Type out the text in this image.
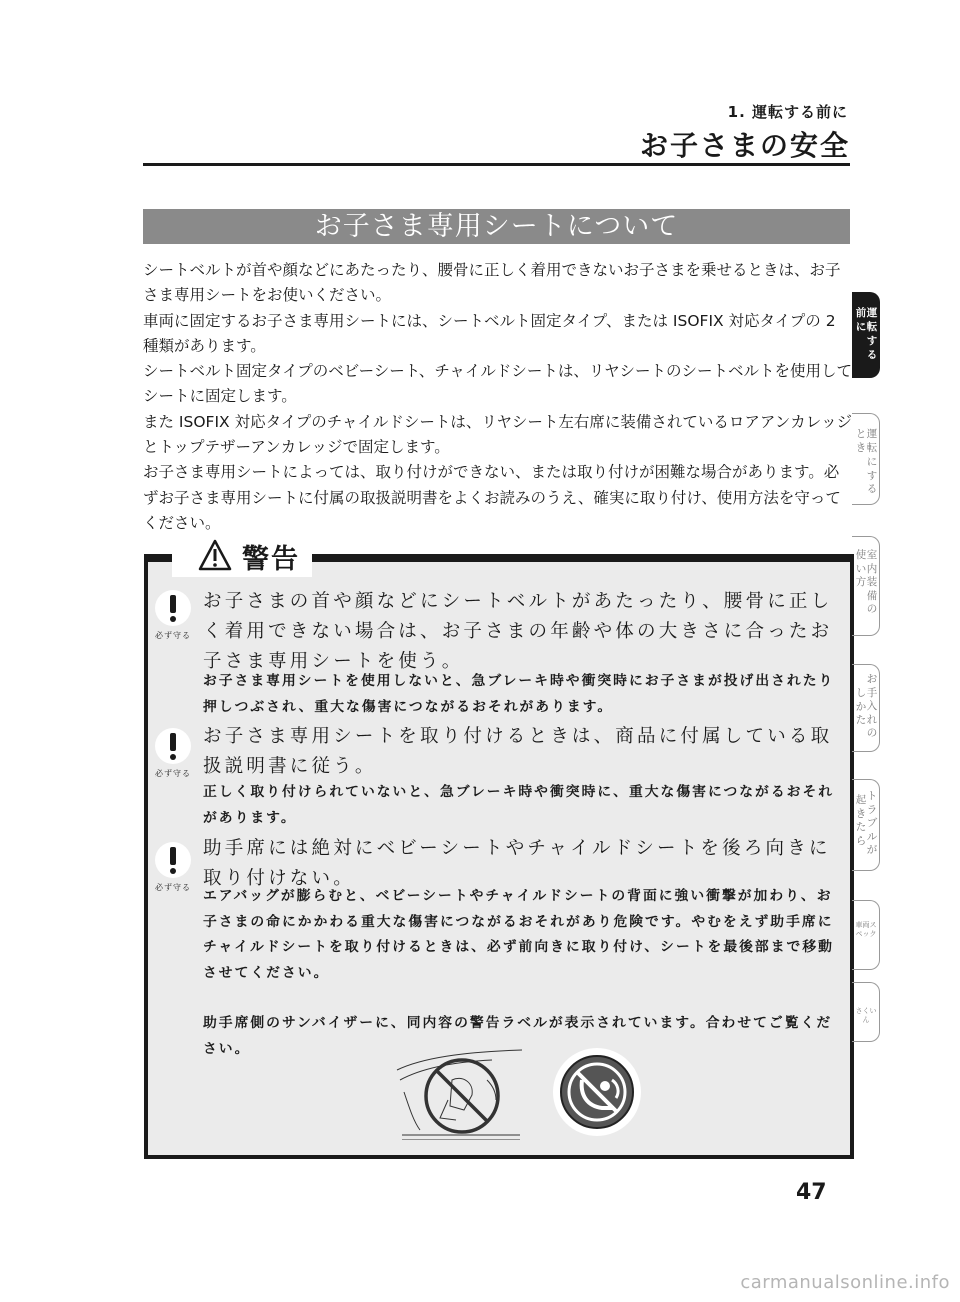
1. 運転する前に
お子さまの安全
お子さま専用シートについて

シートベルトが首や顔などにあたったり、腰骨に正しく着用できないお子さまを乗せるときは、お子さま専用シートをお使いください。

車両に固定するお子さま専用シートには、シートベルト固定タイプ、または ISOFIX 対応タイプの 2 種類があります。

シートベルト固定タイプのベビーシート、チャイルドシートは、リヤシートのシートベルトを使用してシートに固定します。

また ISOFIX 対応タイプのチャイルドシートは、リヤシート左右席に装備されているロアアンカレッジとトップテザーアンカレッジで固定します。

お子さま専用シートによっては、取り付けができない、または取り付けが困難な場合があります。必ずお子さま専用シートに付属の取扱説明書をよくお読みのうえ、確実に取り付け、使用方法を守ってください。

警告
必ず守る
お子さまの首や顔などにシートベルトがあたったり、腰骨に正しく着用できない場合は、お子さまの年齢や体の大きさに合ったお子さま専用シートを使う。
お子さま専用シートを使用しないと、急ブレーキ時や衝突時にお子さまが投げ出されたり押しつぶされ、重大な傷害につながるおそれがあります。
必ず守る
お子さま専用シートを取り付けるときは、商品に付属している取扱説明書に従う。
正しく取り付けられていないと、急ブレーキ時や衝突時に、重大な傷害につながるおそれがあります。
必ず守る
助手席には絶対にベビーシートやチャイルドシートを後ろ向きに取り付けない。
エアバッグが膨らむと、ベビーシートやチャイルドシートの背面に強い衝撃が加わり、お子さまの命にかかわる重大な傷害につながるおそれがあり危険です。やむをえず助手席にチャイルドシートを取り付けるときは、必ず前向きに取り付け、シートを最後部まで移動させてください。
助手席側のサンバイザーに、同内容の警告ラベルが表示されています。合わせてご覧ください。
運転
前に
する
運転
とき
にする
室内装備の
使い方
お手入れの
しかた
トラブルが
起きたら
車両スペック
さくいん
47
carmanualsonline.info
